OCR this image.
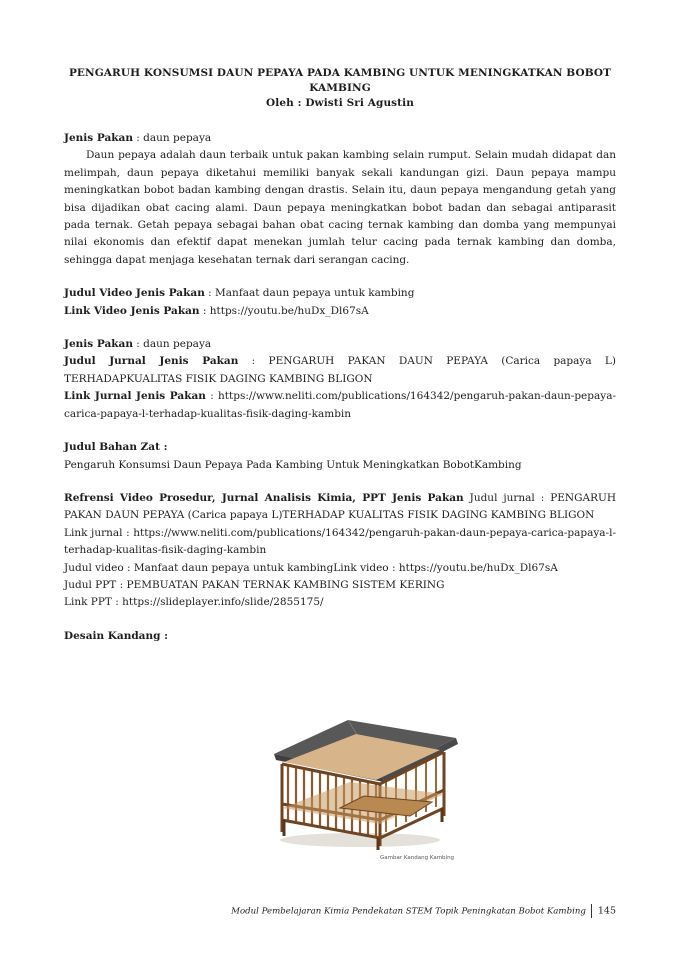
PENGARUH KONSUMSI DAUN PEPAYA PADA KAMBING UNTUK MENINGKATKAN BOBOT
KAMBING
Oleh : Dwisti Sri Agustin

Jenis Pakan : daun pepaya

Daun pepaya adalah daun terbaik untuk pakan kambing selain rumput. Selain mudah didapat dan melimpah, daun pepaya diketahui memiliki banyak sekali kandungan gizi. Daun pepaya mampu meningkatkan bobot badan kambing dengan drastis. Selain itu, daun pepaya mengandung getah yang bisa dijadikan obat cacing alami. Daun pepaya meningkatkan bobot badan dan sebagai antiparasit pada ternak. Getah pepaya sebagai bahan obat cacing ternak kambing dan domba yang mempunyai nilai ekonomis dan efektif dapat menekan jumlah telur cacing pada ternak kambing dan domba, sehingga dapat menjaga kesehatan ternak dari serangan cacing.

Judul Video Jenis Pakan : Manfaat daun pepaya untuk kambing

Link Video Jenis Pakan : https://youtu.be/huDx_Dl67sA

Jenis Pakan : daun pepaya

Judul Jurnal Jenis Pakan : PENGARUH PAKAN DAUN PEPAYA (Carica papaya L) TERHADAPKUALITAS FISIK DAGING KAMBING BLIGON

Link Jurnal Jenis Pakan : https://www.neliti.com/publications/164342/pengaruh-pakan-daun-pepaya-carica-papaya-l-terhadap-kualitas-fisik-daging-kambin

Judul Bahan Zat :

Pengaruh Konsumsi Daun Pepaya Pada Kambing Untuk Meningkatkan BobotKambing

Refrensi Video Prosedur, Jurnal Analisis Kimia, PPT Jenis Pakan Judul jurnal : PENGARUH PAKAN DAUN PEPAYA (Carica papaya L)TERHADAP KUALITAS FISIK DAGING KAMBING BLIGON

Link jurnal : https://www.neliti.com/publications/164342/pengaruh-pakan-daun-pepaya-carica-papaya-l-terhadap-kualitas-fisik-daging-kambin

Judul video : Manfaat daun pepaya untuk kambingLink video : https://youtu.be/huDx_Dl67sA

Judul PPT : PEMBUATAN PAKAN TERNAK KAMBING SISTEM KERING

Link PPT : https://slideplayer.info/slide/2855175/

Desain Kandang :

Gambar Kandang Kambing
Modul Pembelajaran Kimia Pendekatan STEM Topik Peningkatan Bobot Kambing 145
